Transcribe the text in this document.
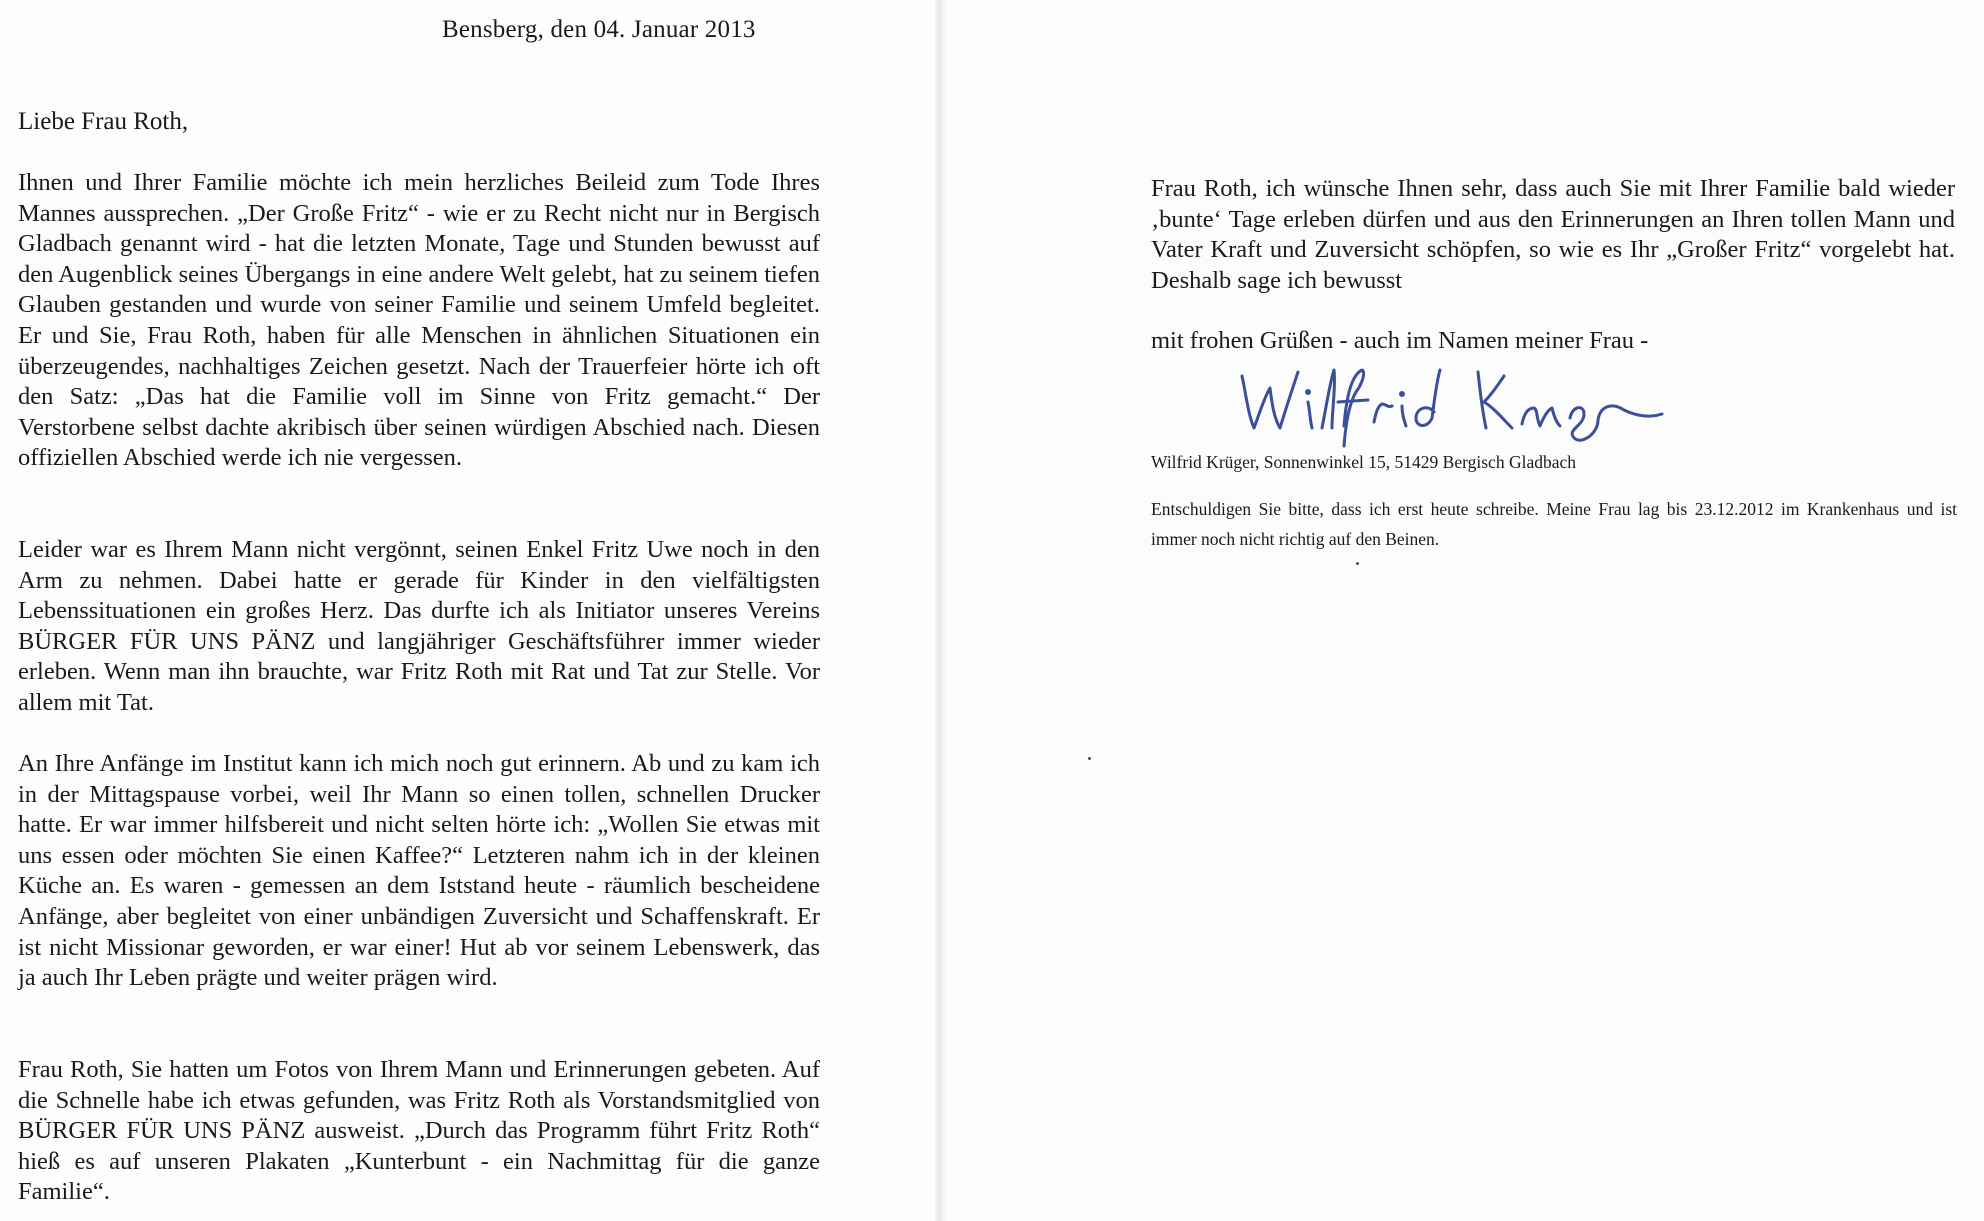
Bensberg, den 04. Januar 2013
Liebe Frau Roth,

Ihnen und Ihrer Familie möchte ich mein herzliches Beileid zum Tode Ihres Mannes aussprechen. „Der Große Fritz“ - wie er zu Recht nicht nur in Bergisch Gladbach genannt wird - hat die letzten Monate, Tage und Stunden bewusst auf den Augenblick seines Übergangs in eine andere Welt gelebt, hat zu seinem tiefen Glauben gestanden und wurde von seiner Familie und seinem Umfeld begleitet. Er und Sie, Frau Roth, haben für alle Menschen in ähnlichen Situationen ein überzeugendes, nachhaltiges Zeichen gesetzt. Nach der Trauerfeier hörte ich oft den Satz: „Das hat die Familie voll im Sinne von Fritz gemacht.“ Der Verstorbene selbst dachte akribisch über seinen würdigen Abschied nach. Diesen offiziellen Abschied werde ich nie vergessen.

Leider war es Ihrem Mann nicht vergönnt, seinen Enkel Fritz Uwe noch in den Arm zu nehmen. Dabei hatte er gerade für Kinder in den vielfältigsten Lebenssituationen ein großes Herz. Das durfte ich als Initiator unseres Vereins BÜRGER FÜR UNS PÄNZ und langjähriger Geschäftsführer immer wieder erleben. Wenn man ihn brauchte, war Fritz Roth mit Rat und Tat zur Stelle. Vor allem mit Tat.

An Ihre Anfänge im Institut kann ich mich noch gut erinnern. Ab und zu kam ich in der Mittagspause vorbei, weil Ihr Mann so einen tollen, schnellen Drucker hatte. Er war immer hilfsbereit und nicht selten hörte ich: „Wollen Sie etwas mit uns essen oder möchten Sie einen Kaffee?“ Letzteren nahm ich in der kleinen Küche an. Es waren - gemessen an dem Iststand heute - räumlich bescheidene Anfänge, aber begleitet von einer unbändigen Zuversicht und Schaffenskraft. Er ist nicht Missionar geworden, er war einer! Hut ab vor seinem Lebenswerk, das ja auch Ihr Leben prägte und weiter prägen wird.

Frau Roth, Sie hatten um Fotos von Ihrem Mann und Erinnerungen gebeten. Auf die Schnelle habe ich etwas gefunden, was Fritz Roth als Vorstandsmitglied von BÜRGER FÜR UNS PÄNZ ausweist. „Durch das Programm führt Fritz Roth“ hieß es auf unseren Plakaten „Kunterbunt - ein Nachmittag für die ganze Familie“.

Frau Roth, ich wünsche Ihnen sehr, dass auch Sie mit Ihrer Familie bald wieder ‚bunte‘ Tage erleben dürfen und aus den Erinnerungen an Ihren tollen Mann und Vater Kraft und Zuversicht schöpfen, so wie es Ihr „Großer Fritz“ vorgelebt hat. Deshalb sage ich bewusst

mit frohen Grüßen - auch im Namen meiner Frau -
Wilfrid Krüger, Sonnenwinkel 15, 51429 Bergisch Gladbach

Entschuldigen Sie bitte, dass ich erst heute schreibe. Meine Frau lag bis 23.12.2012 im Krankenhaus und ist immer noch nicht richtig auf den Beinen.
